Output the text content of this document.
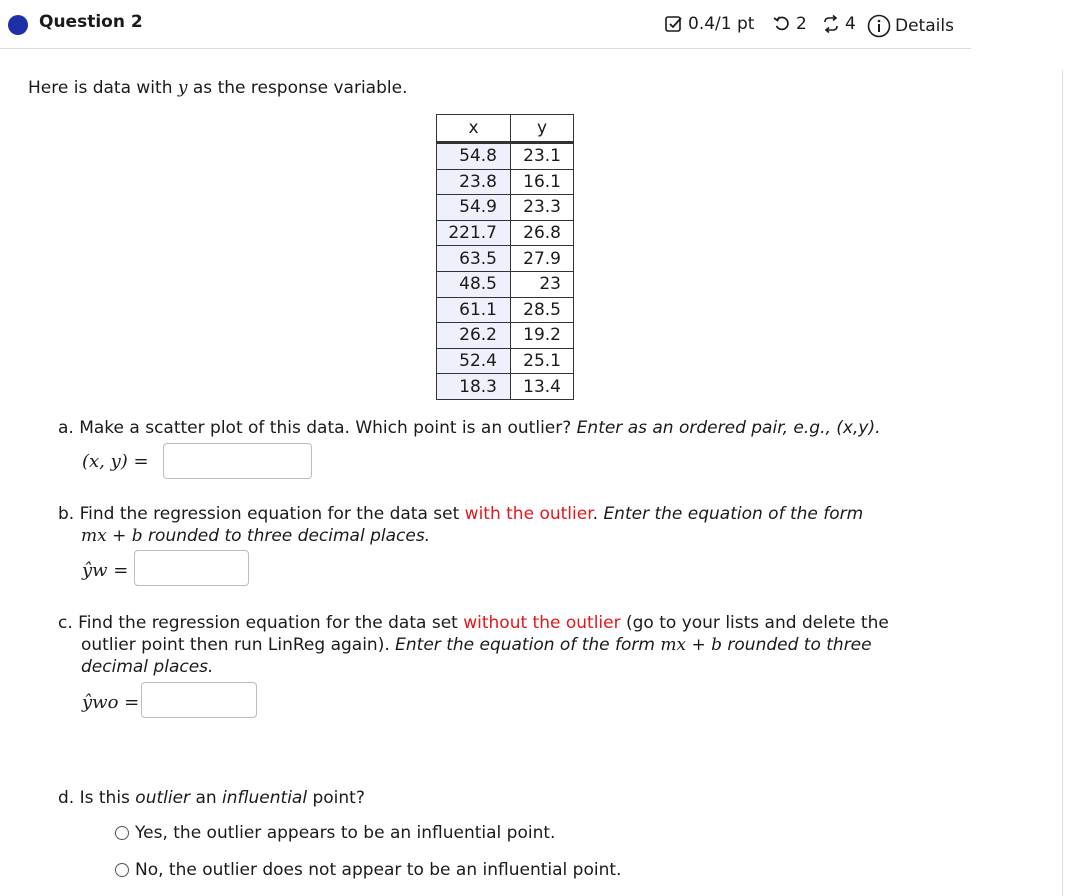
Question 2	0.4/1 pt 2 4 Details
Here is data with y as the response variable.
x	y
54.8	23.1
23.8	16.1
54.9	23.3
221.7	26.8
63.5	27.9
48.5	23
61.1	28.5
26.2	19.2
52.4	25.1
18.3	13.4
a. Make a scatter plot of this data. Which point is an outlier? Enter as an ordered pair, e.g., (x,y).
(x, y) =
b. Find the regression equation for the data set with the outlier. Enter the equation of the form
mx + b rounded to three decimal places.
ŷw =
c. Find the regression equation for the data set without the outlier (go to your lists and delete the
outlier point then run LinReg again). Enter the equation of the form mx + b rounded to three
decimal places.
ŷwo =
d. Is this outlier an influential point?
Yes, the outlier appears to be an influential point.
No, the outlier does not appear to be an influential point.
